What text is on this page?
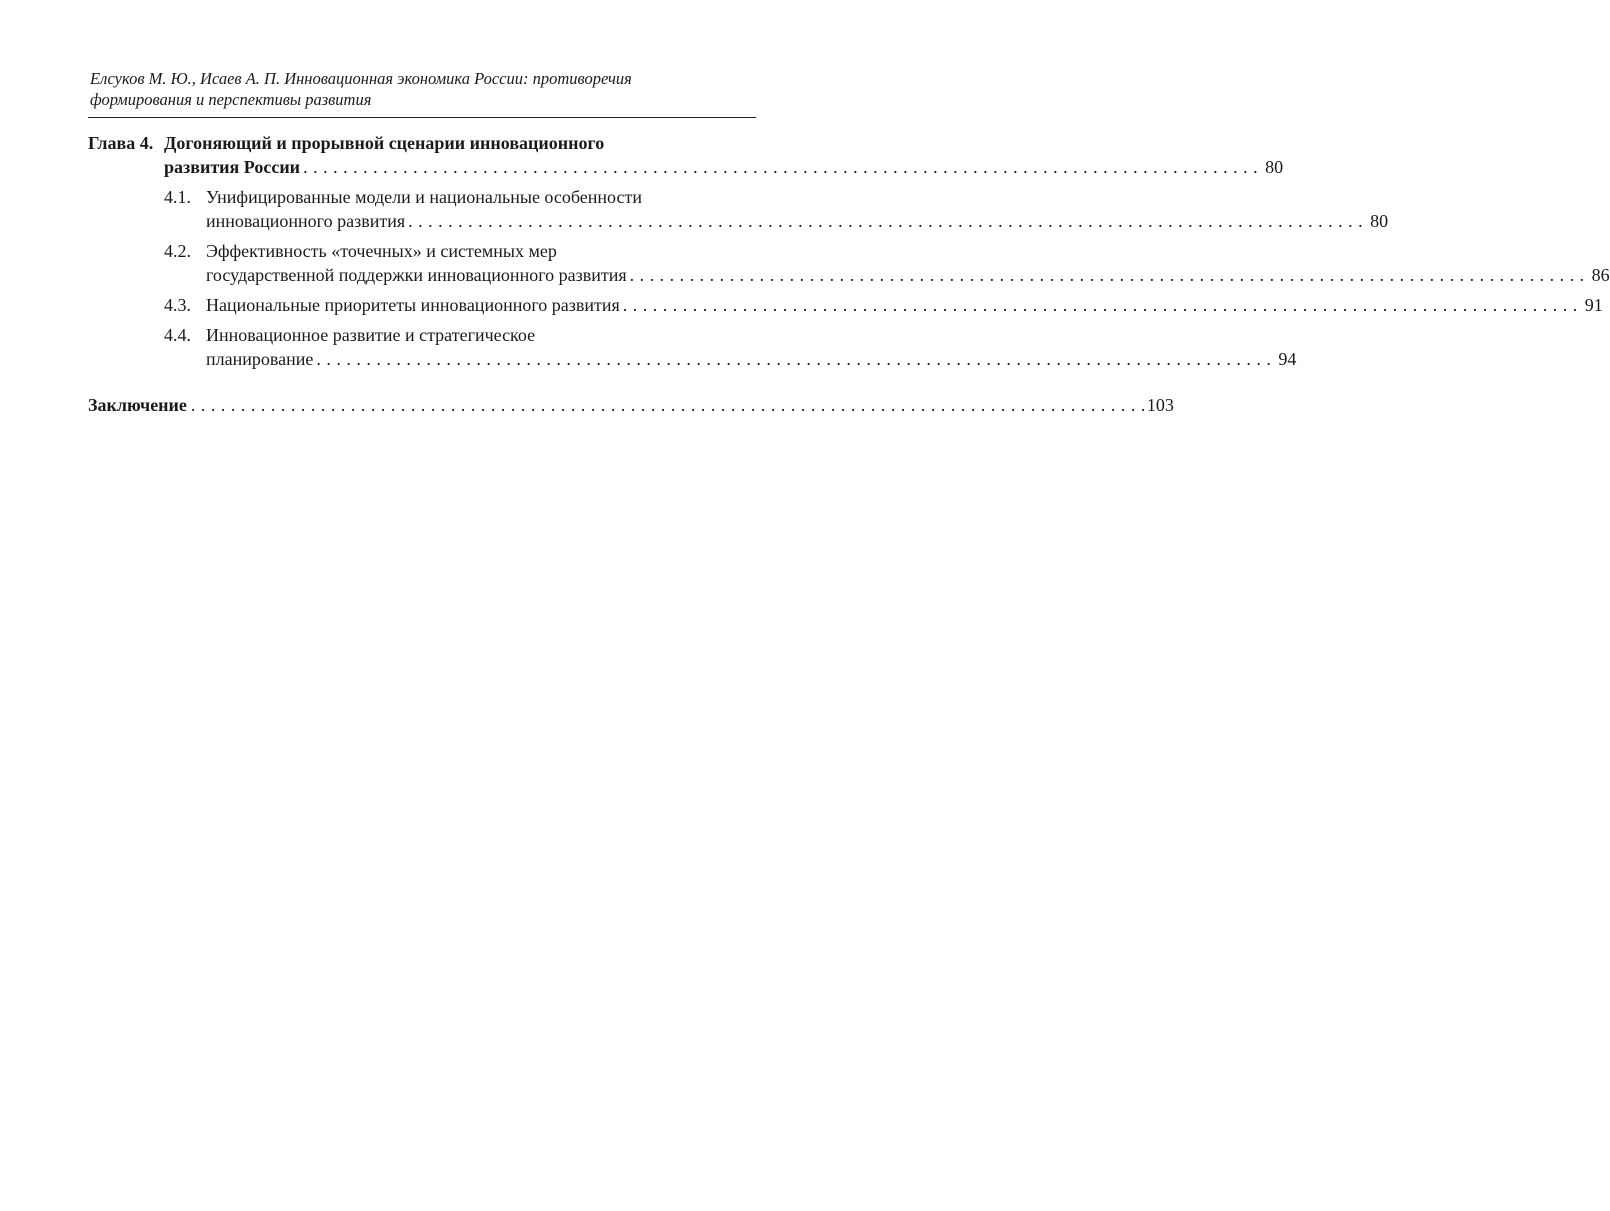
Елсуков М. Ю., Исаев А. П. Инновационная экономика России: противоречия
формирования и перспективы развития
Глава 4. Догоняющий и прорывной сценарии инновационного
развития России . . .	80
4.1. Унифицированные модели и национальные особенности
инновационного развития . . .	80
4.2. Эффективность «точечных» и системных мер
государственной поддержки инновационного развития . . .	86
4.3. Национальные приоритеты инновационного развития . . .	91
4.4. Инновационное развитие и стратегическое
планирование . . .	94
Заключение . . .	103
